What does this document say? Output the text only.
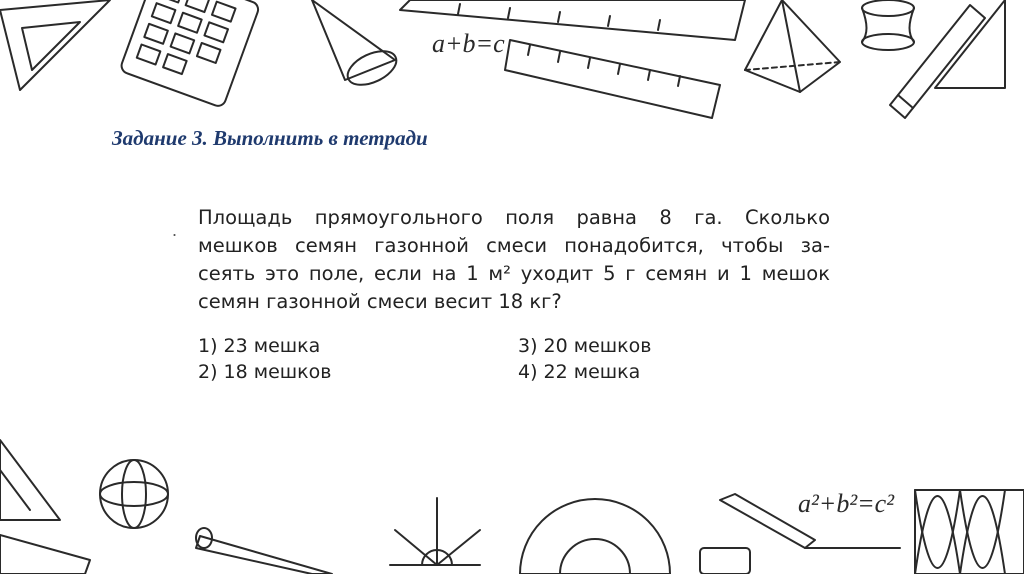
a+b=c
a²+b²=c²
Задание 3. Выполнить в тетради
.

Площадь прямоугольного поля равна 8 га. Сколько
мешков семян газонной смеси понадобится, чтобы за-
сеять это поле, если на 1 м² уходит 5 г семян и 1 мешок
семян газонной смеси весит 18 кг?

1) 23 мешка
2) 18 мешков
3) 20 мешков
4) 22 мешка
